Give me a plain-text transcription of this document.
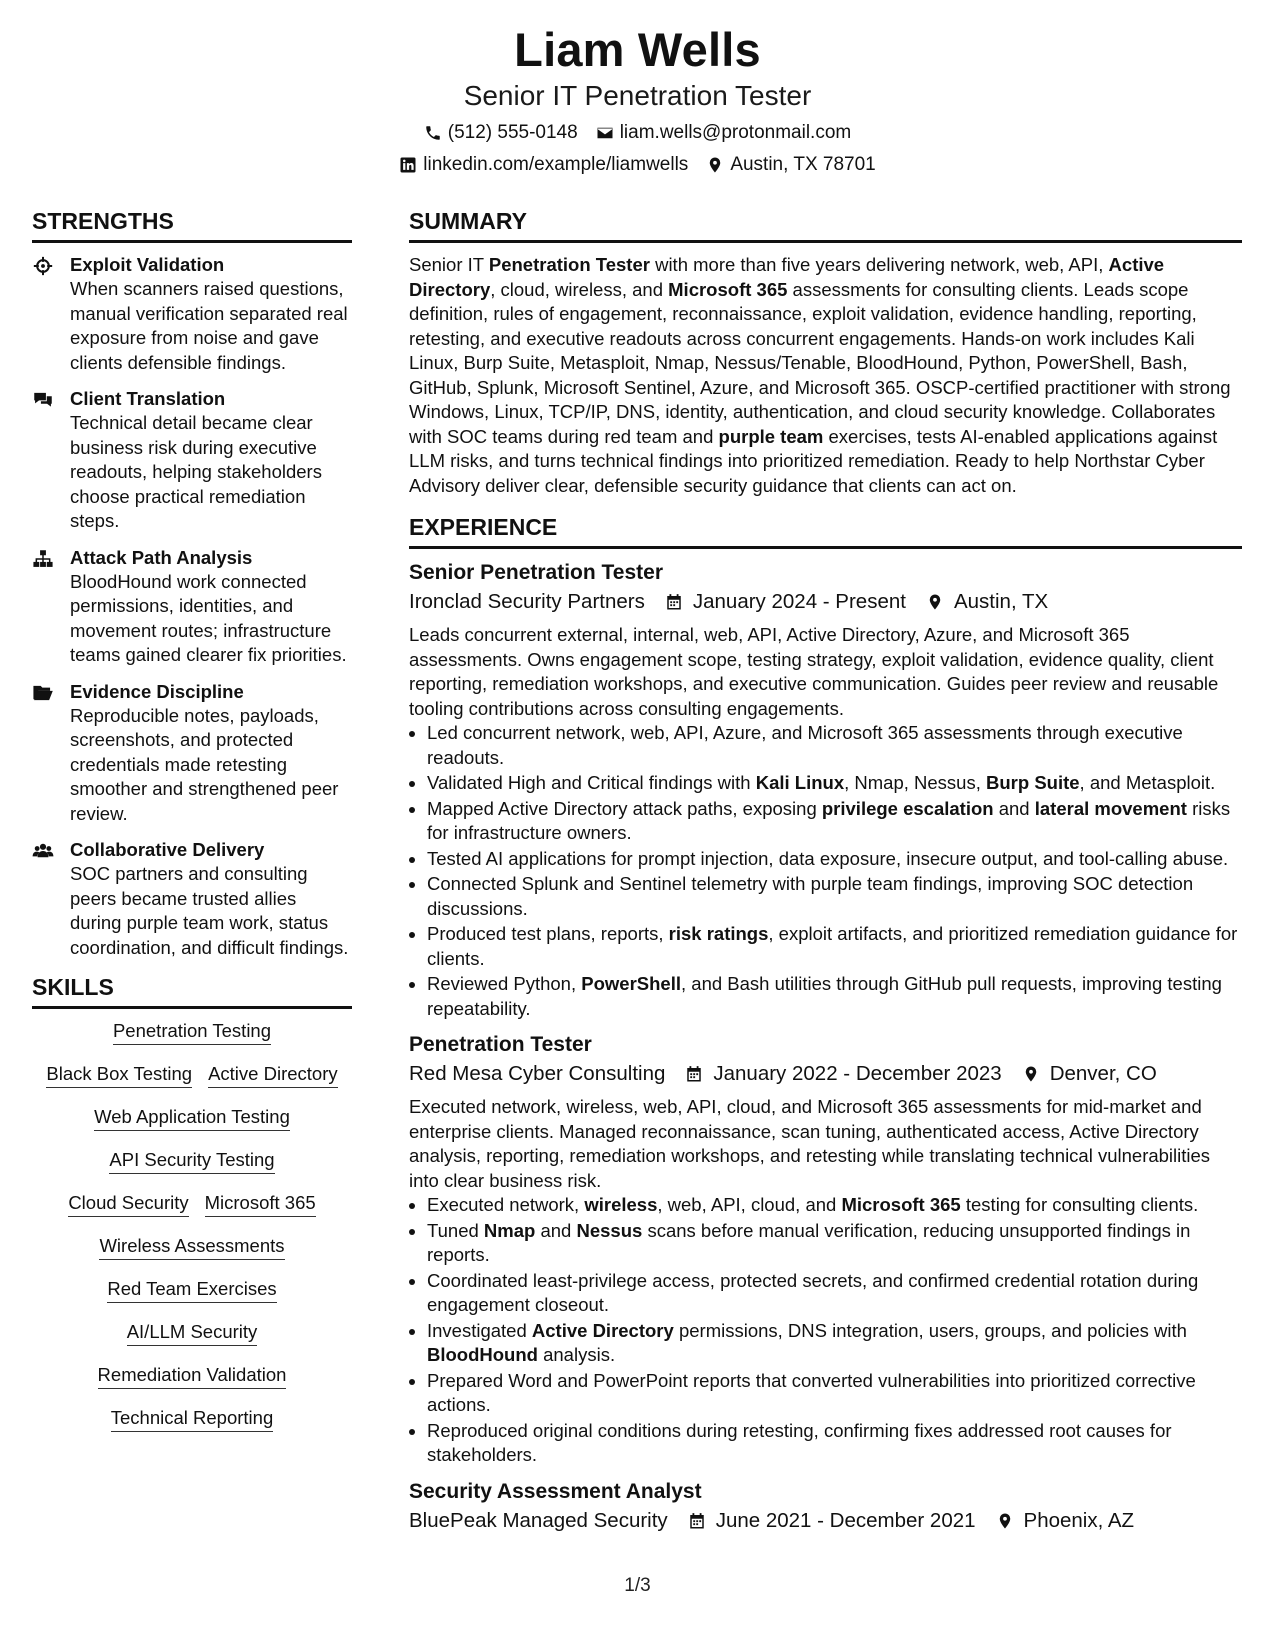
Liam Wells
Senior IT Penetration Tester
(512) 555-0148 liam.wells@protonmail.com
linkedin.com/example/liamwells Austin, TX 78701
STRENGTHS
Exploit Validation
When scanners raised questions, manual verification separated real exposure from noise and gave clients defensible findings.
Client Translation
Technical detail became clear business risk during executive readouts, helping stakeholders choose practical remediation steps.
Attack Path Analysis
BloodHound work connected permissions, identities, and movement routes; infrastructure teams gained clearer fix priorities.
Evidence Discipline
Reproducible notes, payloads, screenshots, and protected credentials made retesting smoother and strengthened peer review.
Collaborative Delivery
SOC partners and consulting peers became trusted allies during purple team work, status coordination, and difficult findings.
SKILLS
Penetration Testing
Black Box Testing Active Directory
Web Application Testing
API Security Testing
Cloud Security Microsoft 365
Wireless Assessments
Red Team Exercises
AI/LLM Security
Remediation Validation
Technical Reporting
SUMMARY
Senior IT Penetration Tester with more than five years delivering network, web, API, Active Directory, cloud, wireless, and Microsoft 365 assessments for consulting clients. Leads scope definition, rules of engagement, reconnaissance, exploit validation, evidence handling, reporting, retesting, and executive readouts across concurrent engagements. Hands-on work includes Kali Linux, Burp Suite, Metasploit, Nmap, Nessus/Tenable, BloodHound, Python, PowerShell, Bash, GitHub, Splunk, Microsoft Sentinel, Azure, and Microsoft 365. OSCP-certified practitioner with strong Windows, Linux, TCP/IP, DNS, identity, authentication, and cloud security knowledge. Collaborates with SOC teams during red team and purple team exercises, tests AI-enabled applications against LLM risks, and turns technical findings into prioritized remediation. Ready to help Northstar Cyber Advisory deliver clear, defensible security guidance that clients can act on.
EXPERIENCE
Senior Penetration Tester
Ironclad Security Partners January 2024 - Present Austin, TX
Leads concurrent external, internal, web, API, Active Directory, Azure, and Microsoft 365 assessments. Owns engagement scope, testing strategy, exploit validation, evidence quality, client reporting, remediation workshops, and executive communication. Guides peer review and reusable tooling contributions across consulting engagements.
• Led concurrent network, web, API, Azure, and Microsoft 365 assessments through executive readouts.
• Validated High and Critical findings with Kali Linux, Nmap, Nessus, Burp Suite, and Metasploit.
• Mapped Active Directory attack paths, exposing privilege escalation and lateral movement risks for infrastructure owners.
• Tested AI applications for prompt injection, data exposure, insecure output, and tool-calling abuse.
• Connected Splunk and Sentinel telemetry with purple team findings, improving SOC detection discussions.
• Produced test plans, reports, risk ratings, exploit artifacts, and prioritized remediation guidance for clients.
• Reviewed Python, PowerShell, and Bash utilities through GitHub pull requests, improving testing repeatability.
Penetration Tester
Red Mesa Cyber Consulting January 2022 - December 2023 Denver, CO
Executed network, wireless, web, API, cloud, and Microsoft 365 assessments for mid-market and enterprise clients. Managed reconnaissance, scan tuning, authenticated access, Active Directory analysis, reporting, remediation workshops, and retesting while translating technical vulnerabilities into clear business risk.
• Executed network, wireless, web, API, cloud, and Microsoft 365 testing for consulting clients.
• Tuned Nmap and Nessus scans before manual verification, reducing unsupported findings in reports.
• Coordinated least-privilege access, protected secrets, and confirmed credential rotation during engagement closeout.
• Investigated Active Directory permissions, DNS integration, users, groups, and policies with BloodHound analysis.
• Prepared Word and PowerPoint reports that converted vulnerabilities into prioritized corrective actions.
• Reproduced original conditions during retesting, confirming fixes addressed root causes for stakeholders.
Security Assessment Analyst
BluePeak Managed Security June 2021 - December 2021 Phoenix, AZ
1/3
